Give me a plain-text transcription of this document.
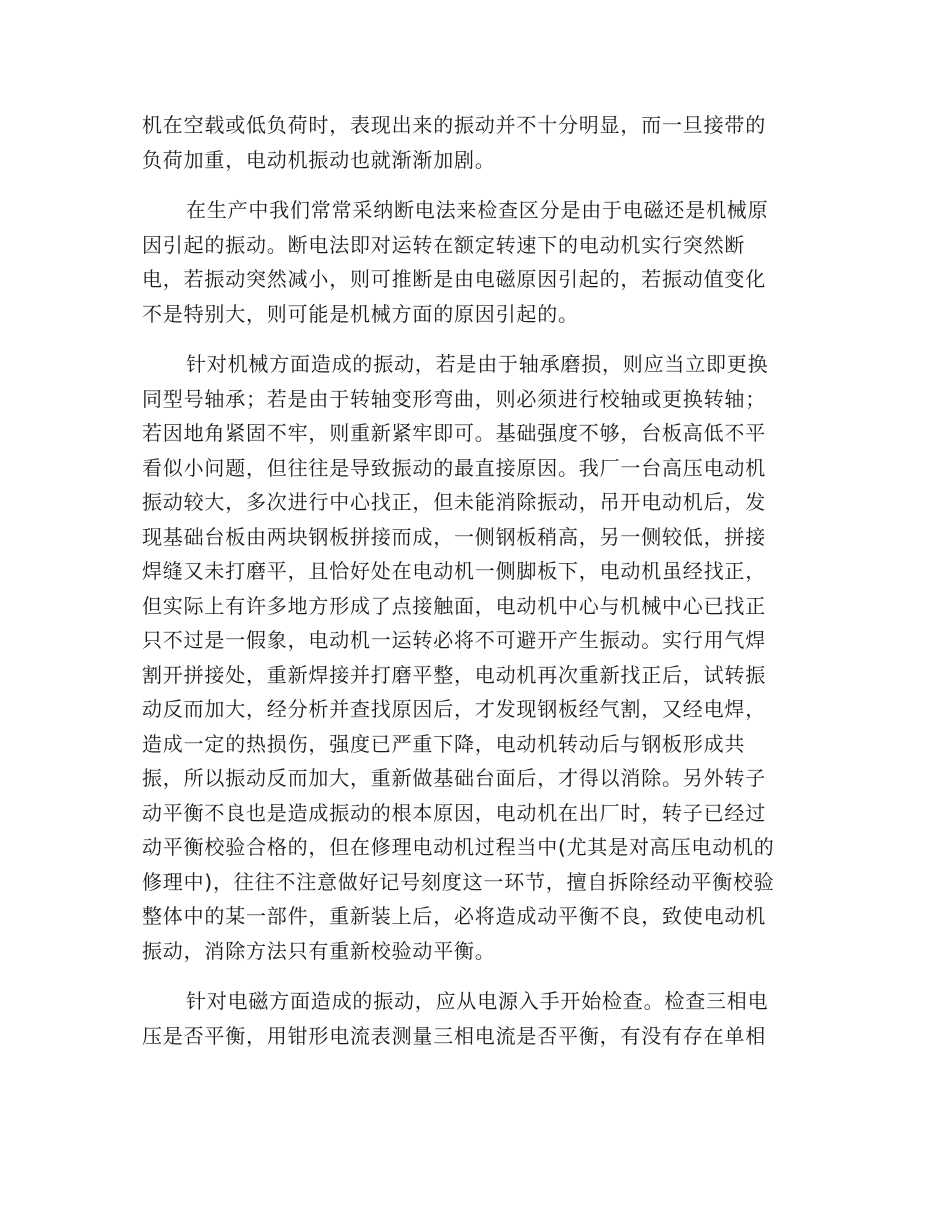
机在空载或低负荷时，表现出来的振动并不十分明显，而一旦接带的
负荷加重，电动机振动也就渐渐加剧。
在生产中我们常常采纳断电法来检查区分是由于电磁还是机械原
因引起的振动。断电法即对运转在额定转速下的电动机实行突然断
电，若振动突然减小，则可推断是由电磁原因引起的，若振动值变化
不是特别大，则可能是机械方面的原因引起的。
针对机械方面造成的振动，若是由于轴承磨损，则应当立即更换
同型号轴承；若是由于转轴变形弯曲，则必须进行校轴或更换转轴；
若因地角紧固不牢，则重新紧牢即可。基础强度不够，台板高低不平
看似小问题，但往往是导致振动的最直接原因。我厂一台高压电动机
振动较大，多次进行中心找正，但未能消除振动，吊开电动机后，发
现基础台板由两块钢板拼接而成，一侧钢板稍高，另一侧较低，拼接
焊缝又未打磨平，且恰好处在电动机一侧脚板下，电动机虽经找正，
但实际上有许多地方形成了点接触面，电动机中心与机械中心已找正
只不过是一假象，电动机一运转必将不可避开产生振动。实行用气焊
割开拼接处，重新焊接并打磨平整，电动机再次重新找正后，试转振
动反而加大，经分析并查找原因后，才发现钢板经气割，又经电焊，
造成一定的热损伤，强度已严重下降，电动机转动后与钢板形成共
振，所以振动反而加大，重新做基础台面后，才得以消除。另外转子
动平衡不良也是造成振动的根本原因，电动机在出厂时，转子已经过
动平衡校验合格的，但在修理电动机过程当中(尤其是对高压电动机的
修理中)，往往不注意做好记号刻度这一环节，擅自拆除经动平衡校验
整体中的某一部件，重新装上后，必将造成动平衡不良，致使电动机
振动，消除方法只有重新校验动平衡。
针对电磁方面造成的振动，应从电源入手开始检查。检查三相电
压是否平衡，用钳形电流表测量三相电流是否平衡，有没有存在单相
